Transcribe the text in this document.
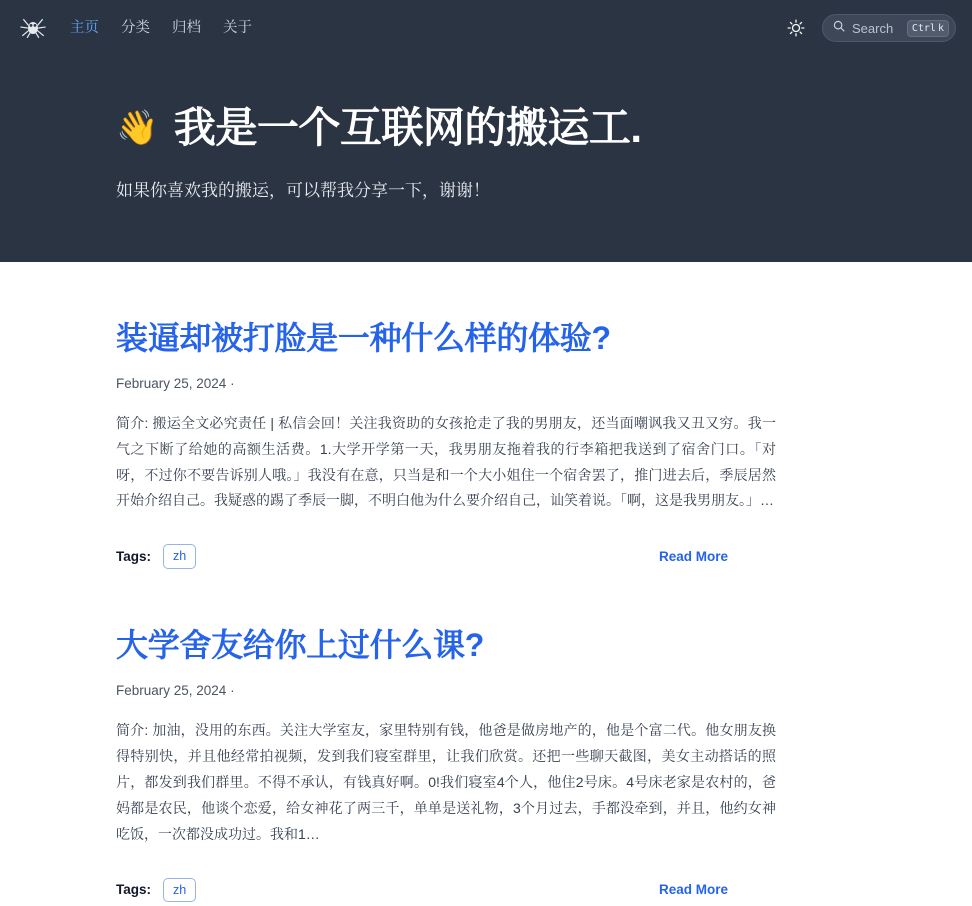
主页 分类 归档 关于	Search	Ctrl k
👋 我是一个互联网的搬运工.

如果你喜欢我的搬运，可以帮我分享一下，谢谢！

装逼却被打脸是一种什么样的体验?
February 25, 2024 ·

简介: 搬运全文必究责任 | 私信会回！关注我资助的女孩抢走了我的男朋友，还当面嘲讽我又丑又穷。我一气之下断了给她的高额生活费。1.大学开学第一天，我男朋友拖着我的行李箱把我送到了宿舍门口。「对呀，不过你不要告诉别人哦。」我没有在意，只当是和一个大小姐住一个宿舍罢了，推门进去后，季辰居然开始介绍自己。我疑惑的踢了季辰一脚，不明白他为什么要介绍自己，讪笑着说。「啊，这是我男朋友。」…

Tags:	zh	Read More
大学舍友给你上过什么课?
February 25, 2024 ·

简介: 加油，没用的东西。关注大学室友，家里特别有钱，他爸是做房地产的，他是个富二代。他女朋友换得特别快，并且他经常拍视频，发到我们寝室群里，让我们欣赏。还把一些聊天截图，美女主动搭话的照片，都发到我们群里。不得不承认，有钱真好啊。0!我们寝室4个人，他住2号床。4号床老家是农村的，爸妈都是农民，他谈个恋爱，给女神花了两三千，单单是送礼物，3个月过去，手都没牵到，并且，他约女神吃饭，一次都没成功过。我和1…

Tags:	zh	Read More
